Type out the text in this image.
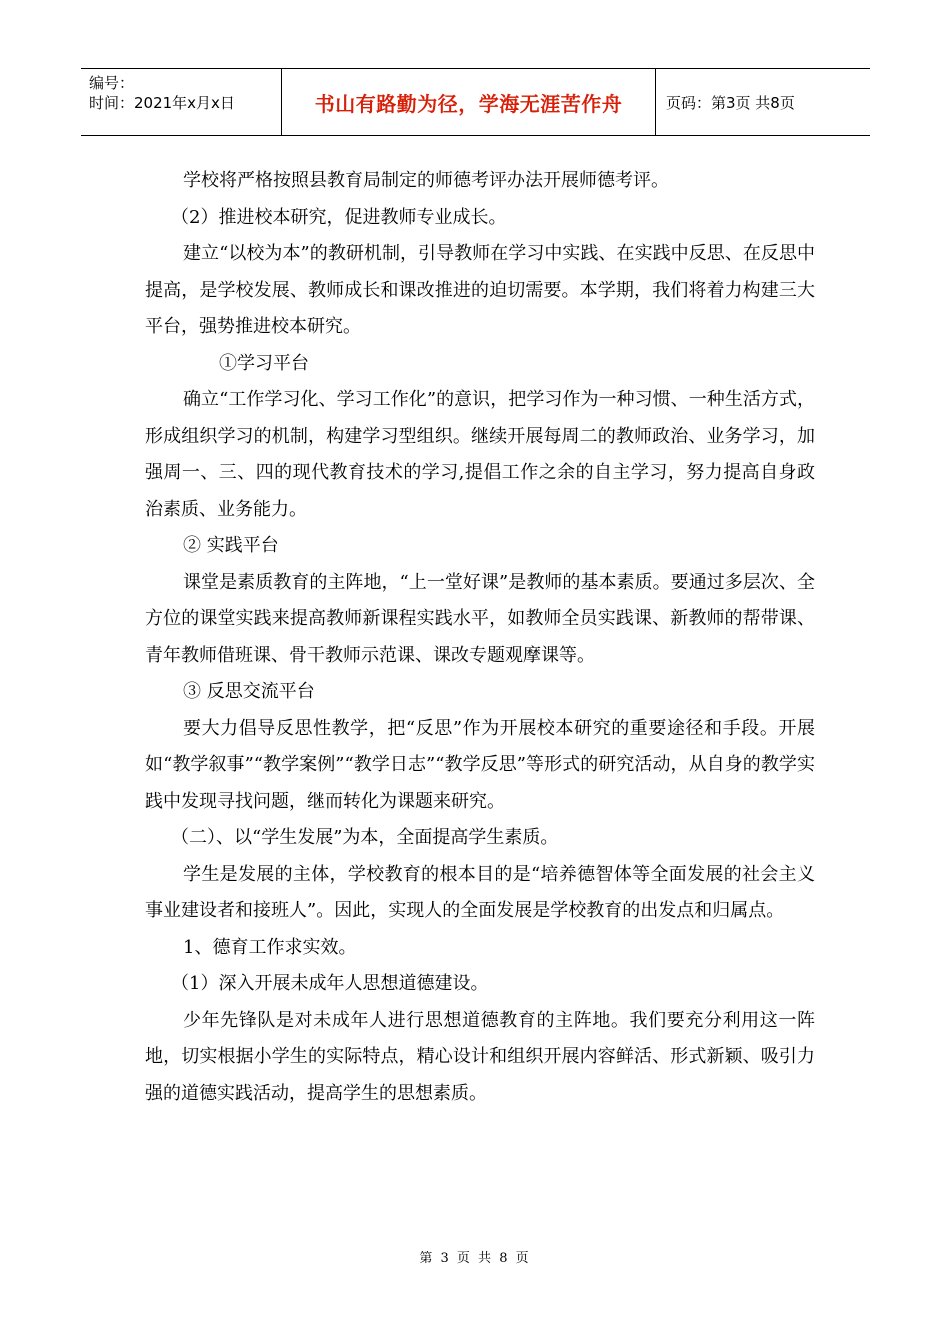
编号：
时间：2021年x月x日	书山有路勤为径，学海无涯苦作舟	页码：第3页 共8页

学校将严格按照县教育局制定的师德考评办法开展师德考评。

（2）推进校本研究，促进教师专业成长。

建立“以校为本”的教研机制，引导教师在学习中实践、在实践中反思、在反思中提高，是学校发展、教师成长和课改推进的迫切需要。本学期，我们将着力构建三大平台，强势推进校本研究。

①学习平台

确立“工作学习化、学习工作化”的意识，把学习作为一种习惯、一种生活方式，形成组织学习的机制，构建学习型组织。继续开展每周二的教师政治、业务学习，加强周一、三、四的现代教育技术的学习,提倡工作之余的自主学习，努力提高自身政治素质、业务能力。

② 实践平台

课堂是素质教育的主阵地，“上一堂好课”是教师的基本素质。要通过多层次、全方位的课堂实践来提高教师新课程实践水平，如教师全员实践课、新教师的帮带课、青年教师借班课、骨干教师示范课、课改专题观摩课等。

③ 反思交流平台

要大力倡导反思性教学，把“反思”作为开展校本研究的重要途径和手段。开展如“教学叙事”“教学案例”“教学日志”“教学反思”等形式的研究活动，从自身的教学实践中发现寻找问题，继而转化为课题来研究。

（二）、以“学生发展”为本，全面提高学生素质。

学生是发展的主体，学校教育的根本目的是“培养德智体等全面发展的社会主义事业建设者和接班人”。因此，实现人的全面发展是学校教育的出发点和归属点。

1、德育工作求实效。

（1）深入开展未成年人思想道德建设。

少年先锋队是对未成年人进行思想道德教育的主阵地。我们要充分利用这一阵地，切实根据小学生的实际特点，精心设计和组织开展内容鲜活、形式新颖、吸引力强的道德实践活动，提高学生的思想素质。

第 3 页 共 8 页
